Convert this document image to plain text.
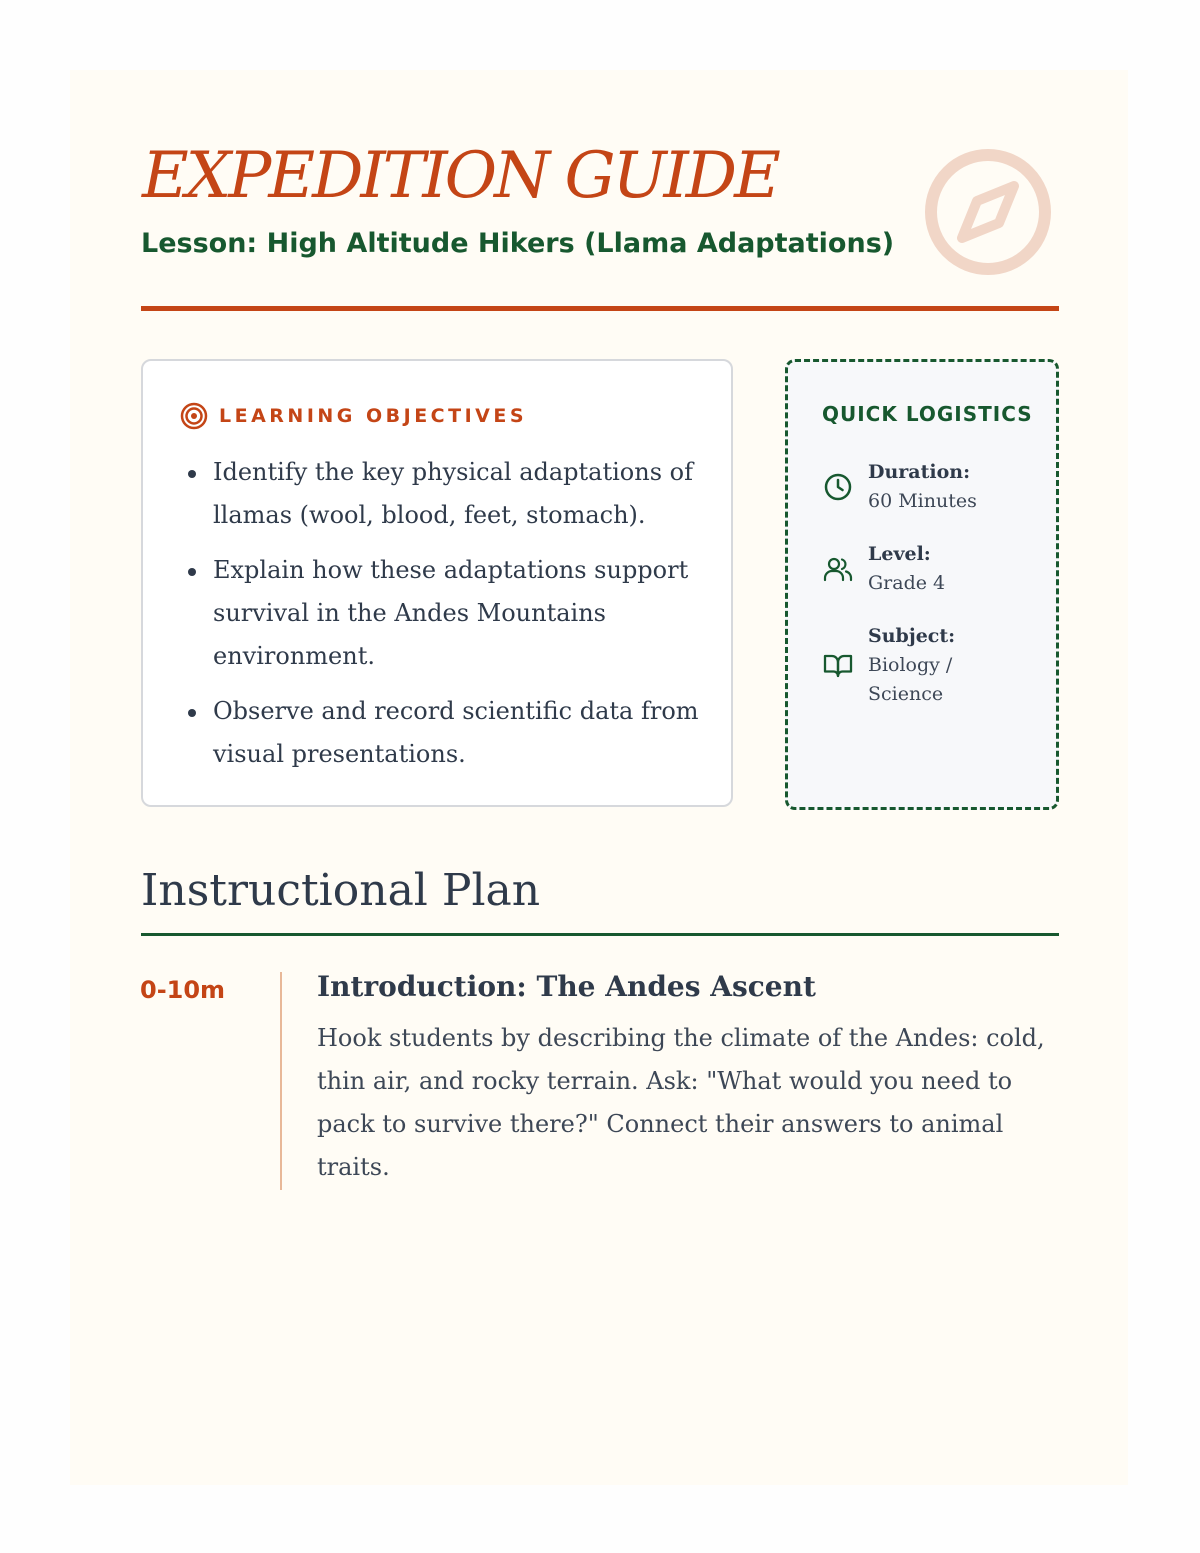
EXPEDITION GUIDE
Lesson: High Altitude Hikers (Llama Adaptations)
LEARNING OBJECTIVES
Identify the key physical adaptations of llamas (wool, blood, feet, stomach).
Explain how these adaptations support survival in the Andes Mountains environment.
Observe and record scientific data from visual presentations.
QUICK LOGISTICS
Duration:
60 Minutes
Level:
Grade 4
Subject:
Biology / Science
Instructional Plan
0-10m	Introduction: The Andes Ascent
Hook students by describing the climate of the Andes: cold, thin air, and rocky terrain. Ask: "What would you need to pack to survive there?" Connect their answers to animal traits.
